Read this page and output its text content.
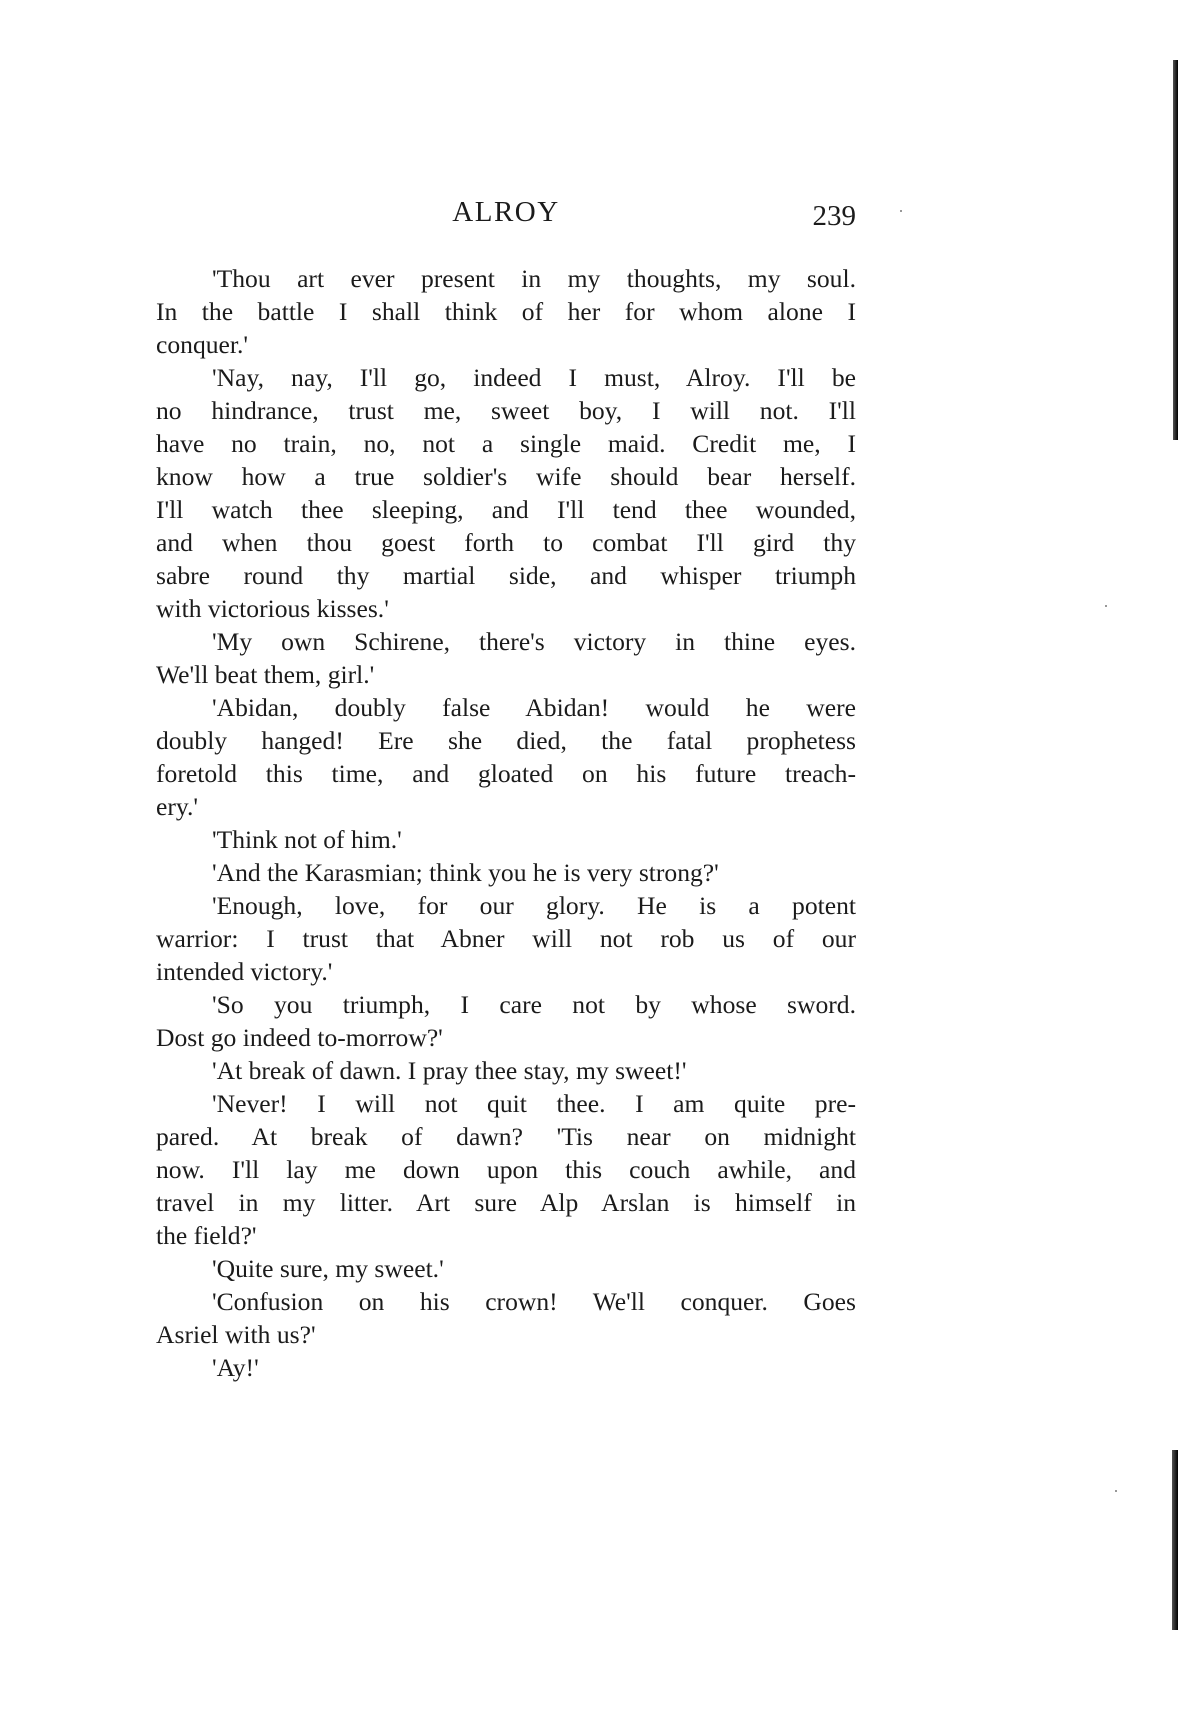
ALROY	239
'Thou art ever present in my thoughts, my soul.
In the battle I shall think of her for whom alone I
conquer.'
'Nay, nay, I'll go, indeed I must, Alroy. I'll be
no hindrance, trust me, sweet boy, I will not. I'll
have no train, no, not a single maid. Credit me, I
know how a true soldier's wife should bear herself.
I'll watch thee sleeping, and I'll tend thee wounded,
and when thou goest forth to combat I'll gird thy
sabre round thy martial side, and whisper triumph
with victorious kisses.'
'My own Schirene, there's victory in thine eyes.
We'll beat them, girl.'
'Abidan, doubly false Abidan! would he were
doubly hanged! Ere she died, the fatal prophetess
foretold this time, and gloated on his future treach-
ery.'
'Think not of him.'
'And the Karasmian; think you he is very strong?'
'Enough, love, for our glory. He is a potent
warrior: I trust that Abner will not rob us of our
intended victory.'
'So you triumph, I care not by whose sword.
Dost go indeed to-morrow?'
'At break of dawn. I pray thee stay, my sweet!'
'Never! I will not quit thee. I am quite pre-
pared. At break of dawn? 'Tis near on midnight
now. I'll lay me down upon this couch awhile, and
travel in my litter. Art sure Alp Arslan is himself in
the field?'
'Quite sure, my sweet.'
'Confusion on his crown! We'll conquer. Goes
Asriel with us?'
'Ay!'
